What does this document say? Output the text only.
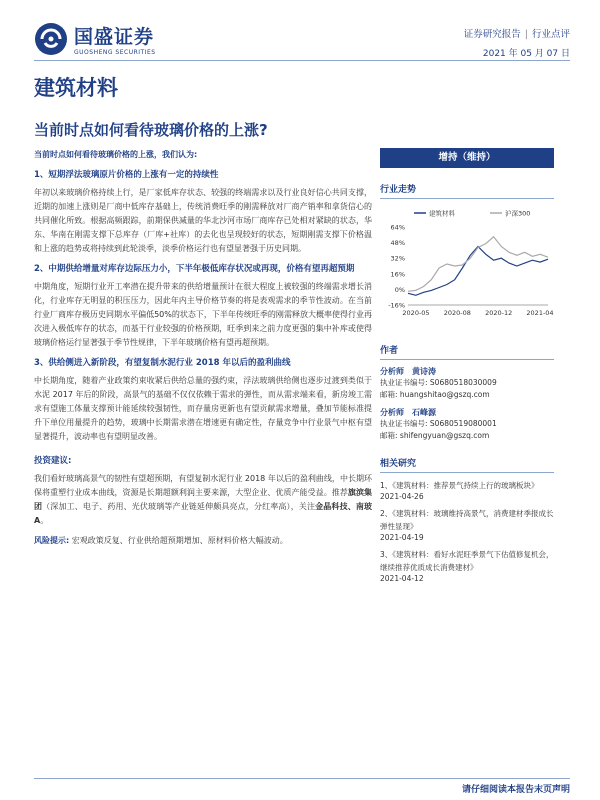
国盛证券
GUOSHENG SECURITIES
证券研究报告 | 行业点评
2021 年 05 月 07 日
建筑材料
当前时点如何看待玻璃价格的上涨?
当前时点如何看待玻璃价格的上涨，我们认为:
1、短期浮法玻璃原片价格的上涨有一定的持续性
年初以来玻璃价格持续上行，是厂家低库存状态、较强的终端需求以及行业良好信心共同支撑，近期的加速上涨则是厂商中低库存基础上，传统消费旺季的刚需释放对厂商产销率和拿货信心的共同催化所致。根据高频跟踪，前期保供减量的华北沙河市场厂商库存已处相对紧缺的状态，华东、华南在刚需支撑下总库存（厂库+社库）的去化也呈现较好的状态，短期刚需支撑下价格温和上涨的趋势或将持续到此轮淡季，淡季价格运行也有望显著强于历史同期。
2、中期供给增量对库存边际压力小，下半年极低库存状况或再现，价格有望再超预期
中期角度，短期行业开工率潜在提升带来的供给增量预计在很大程度上被较强的终端需求增长消化，行业库存无明显的积压压力，因此年内主导价格节奏的将是表观需求的季节性波动。在当前行业厂商库存极历史同期水平偏低50%的状态下，下半年传统旺季的刚需释放大概率使得行业再次进入极低库存的状态，而基于行业较强的价格预期，旺季到来之前力度更强的集中补库或使得玻璃价格运行显著强于季节性规律，下半年玻璃价格有望再超预期。
3、供给侧进入新阶段，有望复制水泥行业 2018 年以后的盈利曲线
中长期角度，随着产业政策约束收紧后供给总量的强约束，浮法玻璃供给侧也逐步过渡到类似于水泥 2017 年后的阶段，高景气的基础不仅仅依赖于需求的弹性，而从需求端来看，新房竣工需求有望施工体量支撑预计能延续较强韧性，而存量房更新也有望贡献需求增量，叠加节能标准提升下单位用量提升的趋势，玻璃中长期需求潜在增速更有确定性，存量竞争中行业景气中枢有望显著提升，波动率也有望明显改善。
投资建议:
我们看好玻璃高景气的韧性有望超预期，有望复制水泥行业 2018 年以后的盈利曲线，中长期环保将重塑行业成本曲线，资源是长期超额利润主要来源，大型企业、优质产能受益。推荐旗滨集团（深加工、电子、药用、光伏玻璃等产业链延伸颇具亮点，分红率高），关注金晶科技、南玻 A。
风险提示: 宏观政策反复、行业供给超预期增加、原材料价格大幅波动。
增持（维持）
行业走势
-16%
0%
16%
32%
48%
64%
2020-05 2020-08 2020-12 2021-04
建筑材料	沪深300
作者
分析师　 黄诗涛
执业证书编号: S0680518030009
邮箱: huangshitao@gszq.com
分析师　 石峰源
执业证书编号: S0680519080001
邮箱: shifengyuan@gszq.com
相关研究
1、《建筑材料：推荐景气持续上行的玻璃板块》
2021-04-26
2、《建筑材料：玻璃维持高景气，消费建材季报成长弹性显现》
2021-04-19
3、《建筑材料：看好水泥旺季景气下估值修复机会，继续推荐优质成长消费建材》
2021-04-12
请仔细阅读本报告末页声明
